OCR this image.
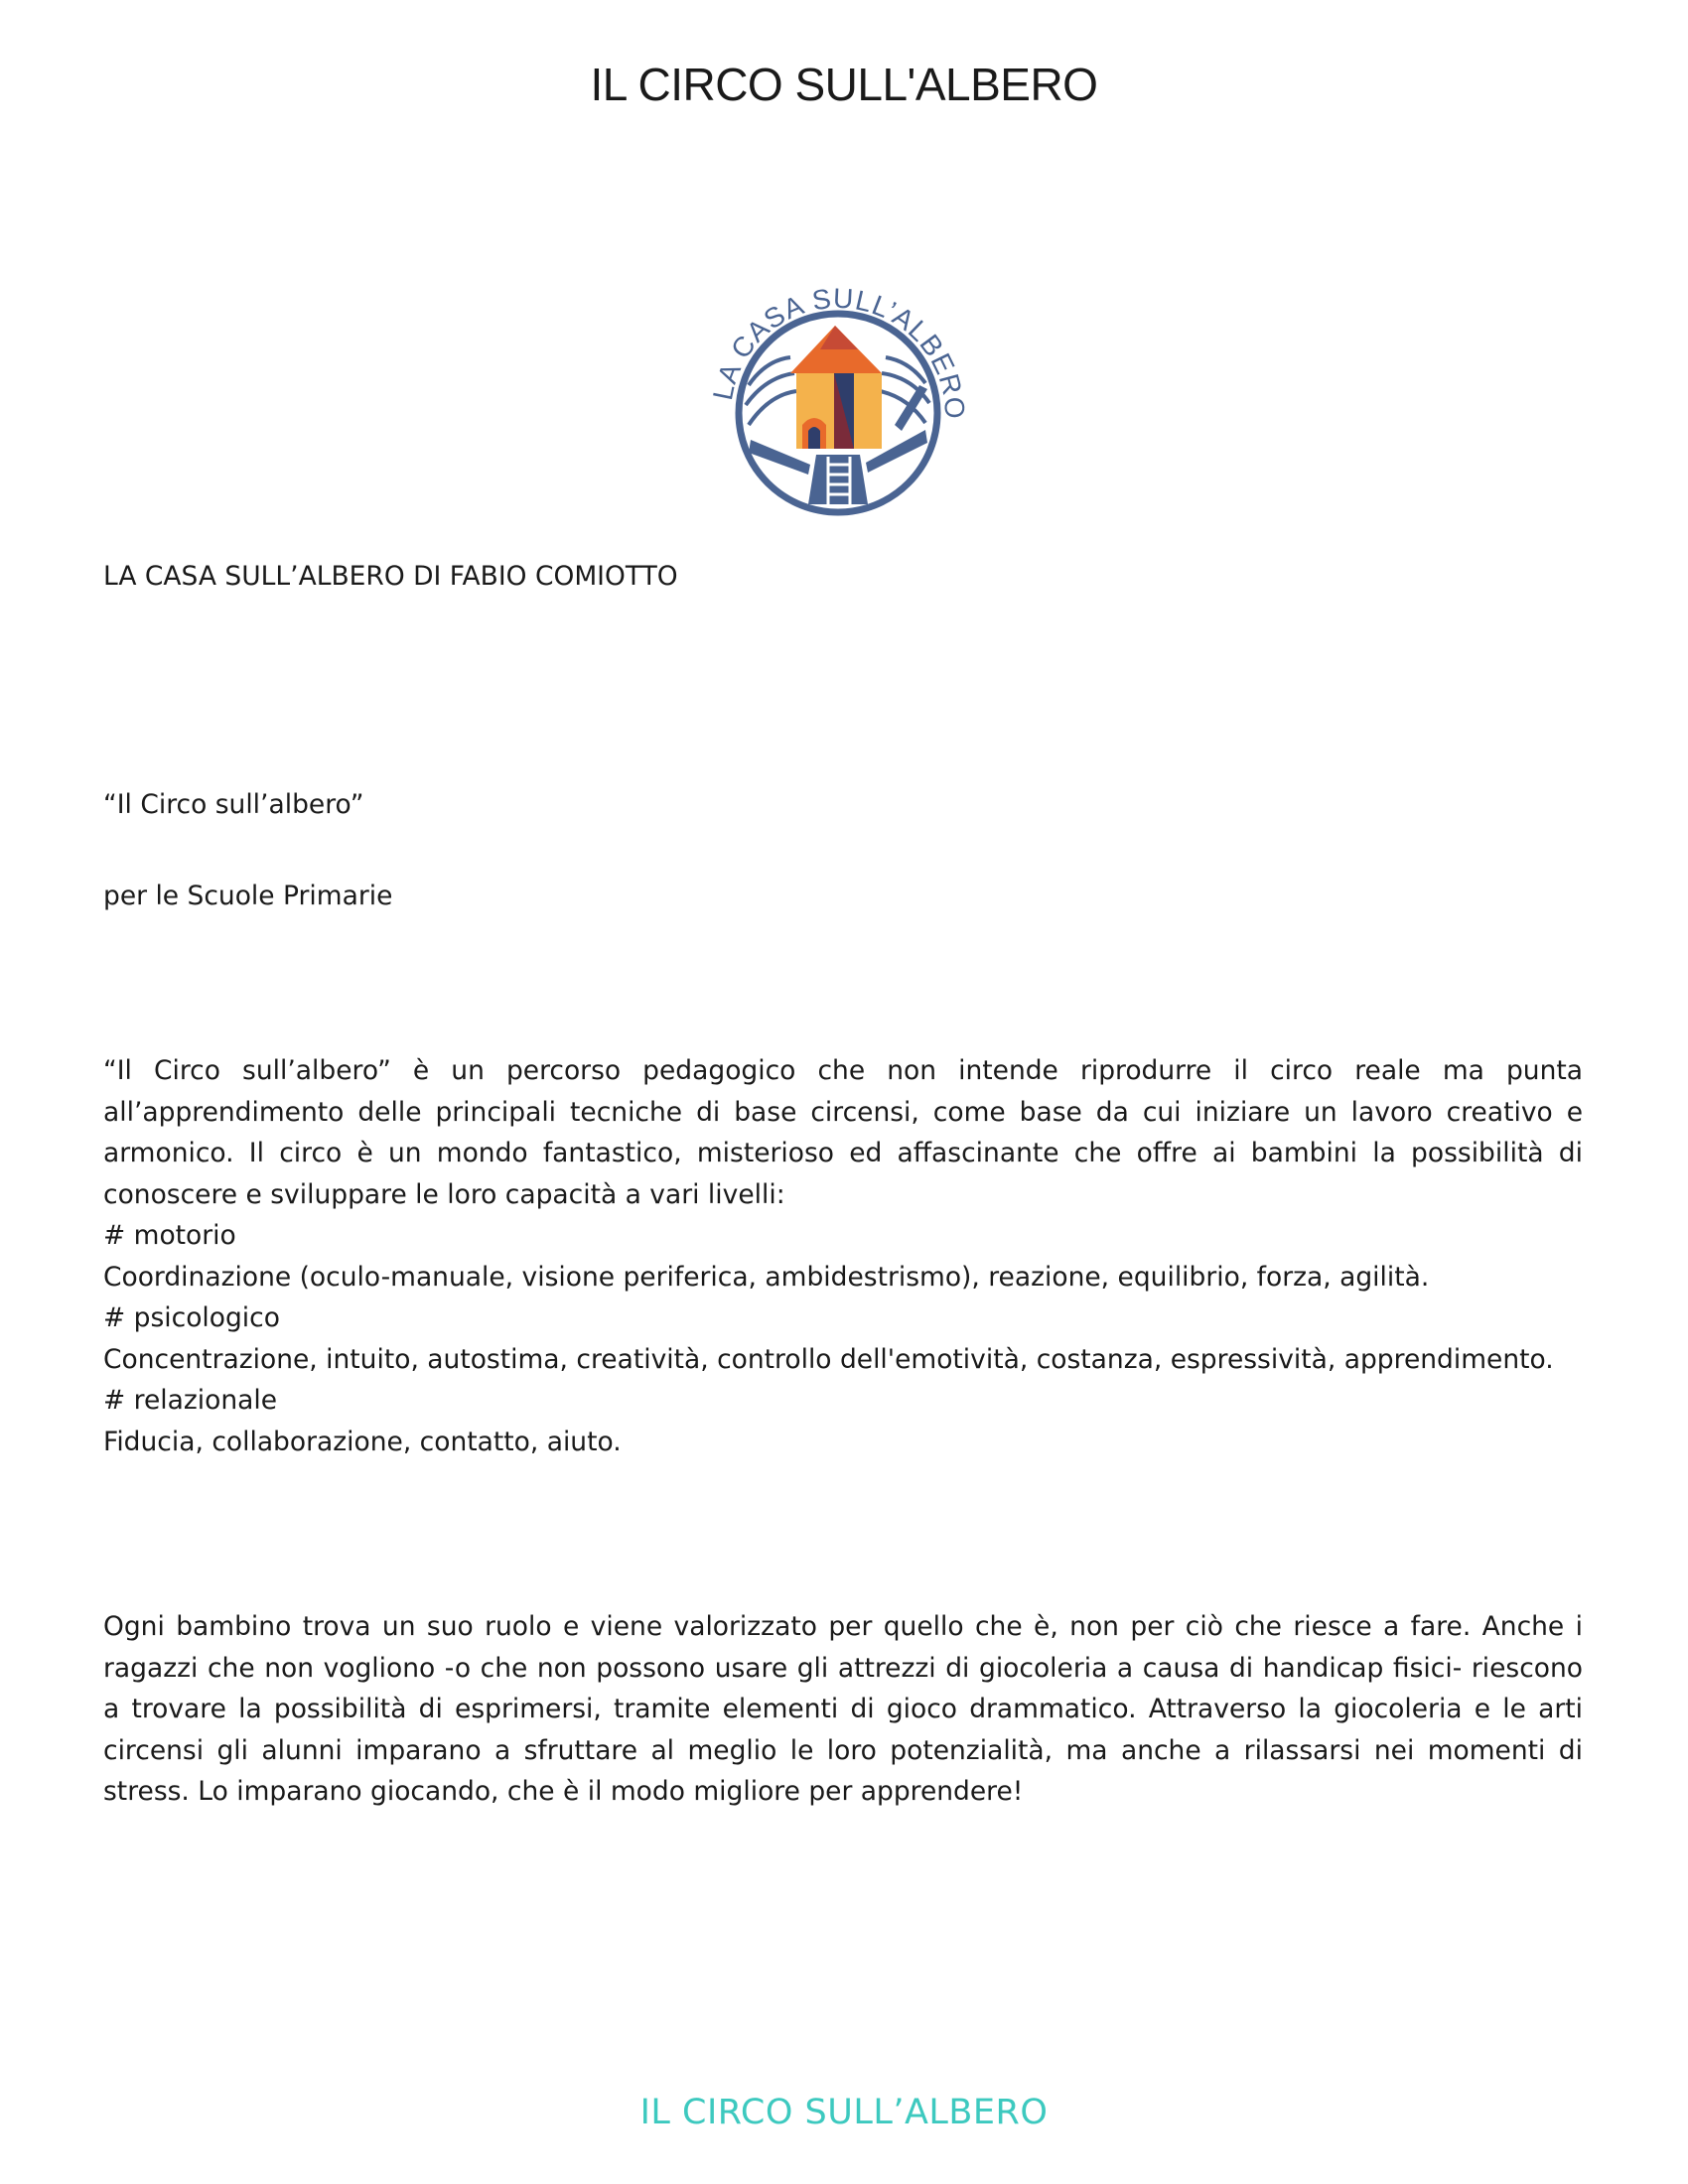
IL CIRCO SULL'ALBERO
LA CASA SULL’ALBERO
LA CASA SULL’ALBERO DI FABIO COMIOTTO
“Il Circo sull’albero”
per le Scuole Primarie
“Il Circo sull’albero” è un percorso pedagogico che non intende riprodurre il circo reale ma punta all’apprendimento delle principali tecniche di base circensi, come base da cui iniziare un lavoro creativo e armonico. Il circo è un mondo fantastico, misterioso ed affascinante che offre ai bambini la possibilità di conoscere e sviluppare le loro capacità a vari livelli:
# motorio
Coordinazione (oculo-manuale, visione periferica, ambidestrismo), reazione, equilibrio, forza, agilità.
# psicologico
Concentrazione, intuito, autostima, creatività, controllo dell'emotività, costanza, espressività, apprendimento.
# relazionale
Fiducia, collaborazione, contatto, aiuto.
Ogni bambino trova un suo ruolo e viene valorizzato per quello che è, non per ciò che riesce a fare. Anche i ragazzi che non vogliono -o che non possono usare gli attrezzi di giocoleria a causa di handicap fisici- riescono a trovare la possibilità di esprimersi, tramite elementi di gioco drammatico. Attraverso la giocoleria e le arti circensi gli alunni imparano a sfruttare al meglio le loro potenzialità, ma anche a rilassarsi nei momenti di stress. Lo imparano giocando, che è il modo migliore per apprendere!
IL CIRCO SULL’ALBERO
